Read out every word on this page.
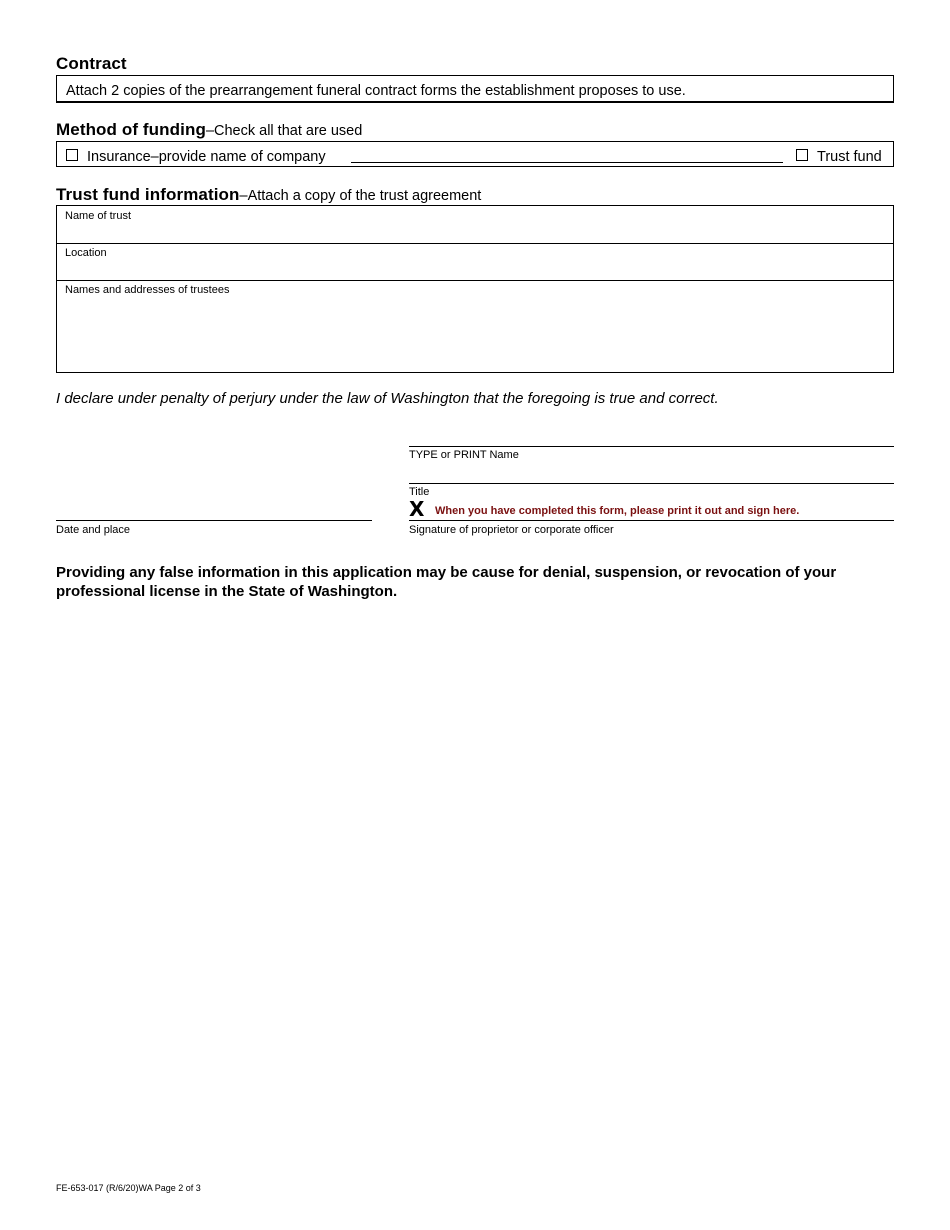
Contract
Attach 2 copies of the prearrangement funeral contract forms the establishment proposes to use.
Method of funding–Check all that are used
Insurance–provide name of company	Trust fund
Trust fund information–Attach a copy of the trust agreement
Name of trust
Location
Names and addresses of trustees
I declare under penalty of perjury under the law of Washington that the foregoing is true and correct.
TYPE or PRINT Name
Title
X When you have completed this form, please print it out and sign here.
Date and place	Signature of proprietor or corporate officer
Providing any false information in this application may be cause for denial, suspension, or revocation of your professional license in the State of Washington.
FE-653-017 (R/6/20)WA Page 2 of 3
